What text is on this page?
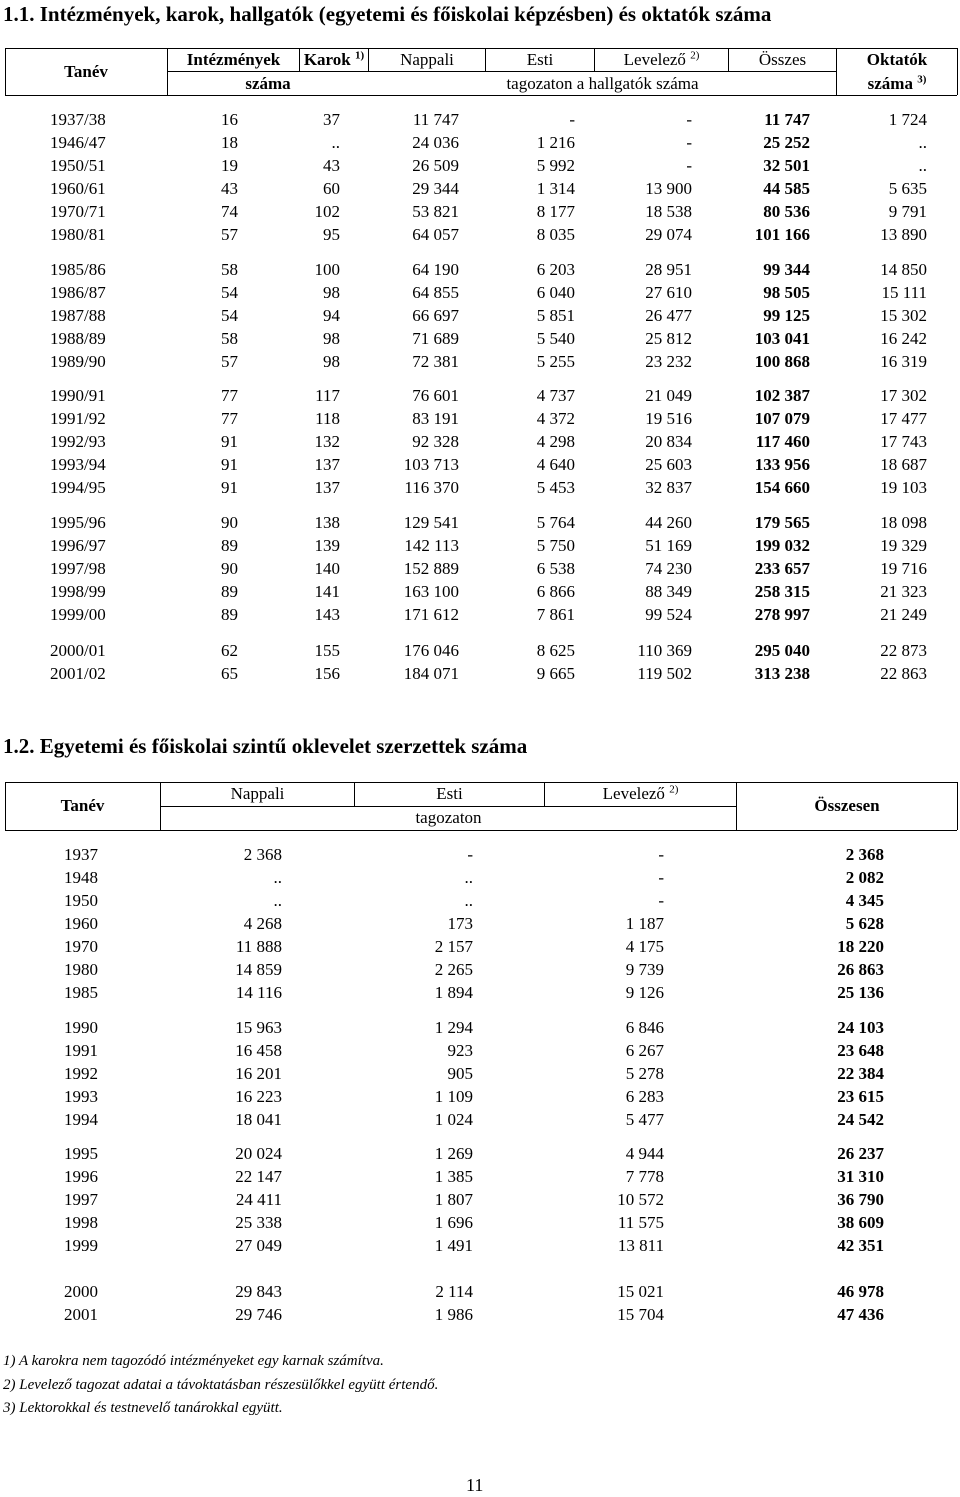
1.1. Intézmények, karok, hallgatók (egyetemi és főiskolai képzésben) és oktatók száma
Tanév
Intézmények	Karok $^{1)}$	Nappali	Esti	Levelező $^{2)}$	Összes	Oktatók
száma	tagozaton a hallgatók száma	száma $^{3)}$
1937/38	16	37	11 747	-	-	11 747	1 724
1946/47	18	..	24 036	1 216	-	25 252	..
1950/51	19	43	26 509	5 992	-	32 501	..
1960/61	43	60	29 344	1 314	13 900	44 585	5 635
1970/71	74	102	53 821	8 177	18 538	80 536	9 791
1980/81	57	95	64 057	8 035	29 074	101 166	13 890
1985/86	58	100	64 190	6 203	28 951	99 344	14 850
1986/87	54	98	64 855	6 040	27 610	98 505	15 111
1987/88	54	94	66 697	5 851	26 477	99 125	15 302
1988/89	58	98	71 689	5 540	25 812	103 041	16 242
1989/90	57	98	72 381	5 255	23 232	100 868	16 319
1990/91	77	117	76 601	4 737	21 049	102 387	17 302
1991/92	77	118	83 191	4 372	19 516	107 079	17 477
1992/93	91	132	92 328	4 298	20 834	117 460	17 743
1993/94	91	137	103 713	4 640	25 603	133 956	18 687
1994/95	91	137	116 370	5 453	32 837	154 660	19 103
1995/96	90	138	129 541	5 764	44 260	179 565	18 098
1996/97	89	139	142 113	5 750	51 169	199 032	19 329
1997/98	90	140	152 889	6 538	74 230	233 657	19 716
1998/99	89	141	163 100	6 866	88 349	258 315	21 323
1999/00	89	143	171 612	7 861	99 524	278 997	21 249
2000/01	62	155	176 046	8 625	110 369	295 040	22 873
2001/02	65	156	184 071	9 665	119 502	313 238	22 863
1.2. Egyetemi és főiskolai szintű oklevelet szerzettek száma
Tanév
Nappali	Esti	Levelező $^{2)}$
tagozaton
Összesen
1937	2 368	-	-	2 368
1948	..	..	-	2 082
1950	..	..	-	4 345
1960	4 268	173	1 187	5 628
1970	11 888	2 157	4 175	18 220
1980	14 859	2 265	9 739	26 863
1985	14 116	1 894	9 126	25 136
1990	15 963	1 294	6 846	24 103
1991	16 458	923	6 267	23 648
1992	16 201	905	5 278	22 384
1993	16 223	1 109	6 283	23 615
1994	18 041	1 024	5 477	24 542
1995	20 024	1 269	4 944	26 237
1996	22 147	1 385	7 778	31 310
1997	24 411	1 807	10 572	36 790
1998	25 338	1 696	11 575	38 609
1999	27 049	1 491	13 811	42 351
2000	29 843	2 114	15 021	46 978
2001	29 746	1 986	15 704	47 436
1) A karokra nem tagozódó intézményeket egy karnak számítva.
2) Levelező tagozat adatai a távoktatásban részesülőkkel együtt értendő.
3) Lektorokkal és testnevelő tanárokkal együtt.
11
